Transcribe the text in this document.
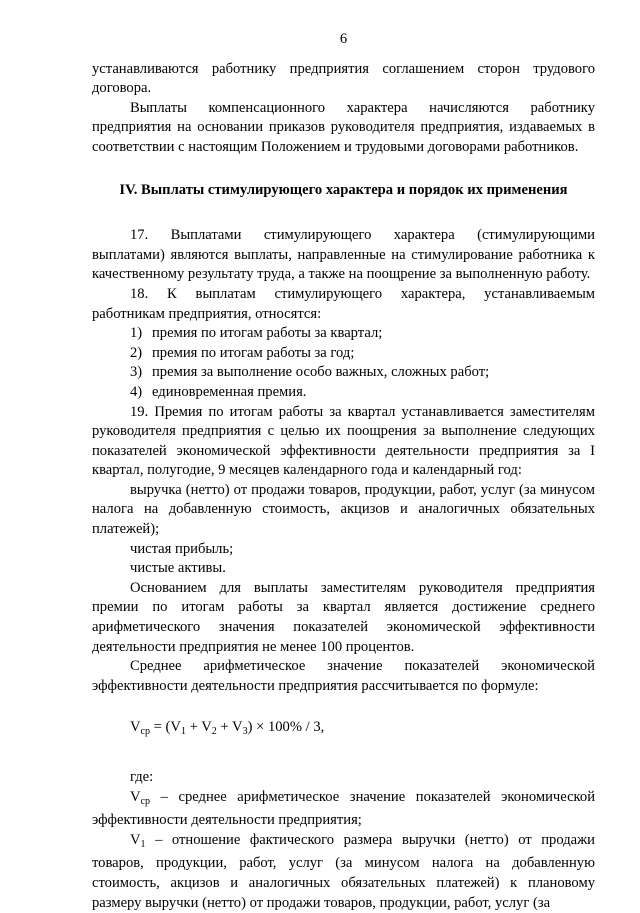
6

устанавливаются работнику предприятия соглашением сторон трудового договора.

Выплаты компенсационного характера начисляются работнику предприятия на основании приказов руководителя предприятия, издаваемых в соответствии с настоящим Положением и трудовыми договорами работников.

IV. Выплаты стимулирующего характера и порядок их применения

17. Выплатами стимулирующего характера (стимулирующими выплатами) являются выплаты, направленные на стимулирование работника к качественному результату труда, а также на поощрение за выполненную работу.

18. К выплатам стимулирующего характера, устанавливаемым работникам предприятия, относятся:

1) премия по итогам работы за квартал;
2) премия по итогам работы за год;
3) премия за выполнение особо важных, сложных работ;
4) единовременная премия.

19. Премия по итогам работы за квартал устанавливается заместителям руководителя предприятия с целью их поощрения за выполнение следующих показателей экономической эффективности деятельности предприятия за I квартал, полугодие, 9 месяцев календарного года и календарный год:

выручка (нетто) от продажи товаров, продукции, работ, услуг (за минусом налога на добавленную стоимость, акцизов и аналогичных обязательных платежей);

чистая прибыль;

чистые активы.

Основанием для выплаты заместителям руководителя предприятия премии по итогам работы за квартал является достижение среднего арифметического значения показателей экономической эффективности деятельности предприятия не менее 100 процентов.

Среднее арифметическое значение показателей экономической эффективности деятельности предприятия рассчитывается по формуле:

$V_{ср} = (V_1 + V_2 + V_3) \times 100\% / 3$,

где:

$V_{ср}$ – среднее арифметическое значение показателей экономической эффективности деятельности предприятия;

$V_1$ – отношение фактического размера выручки (нетто) от продажи товаров, продукции, работ, услуг (за минусом налога на добавленную стоимость, акцизов и аналогичных обязательных платежей) к плановому размеру выручки (нетто) от продажи товаров, продукции, работ, услуг (за
